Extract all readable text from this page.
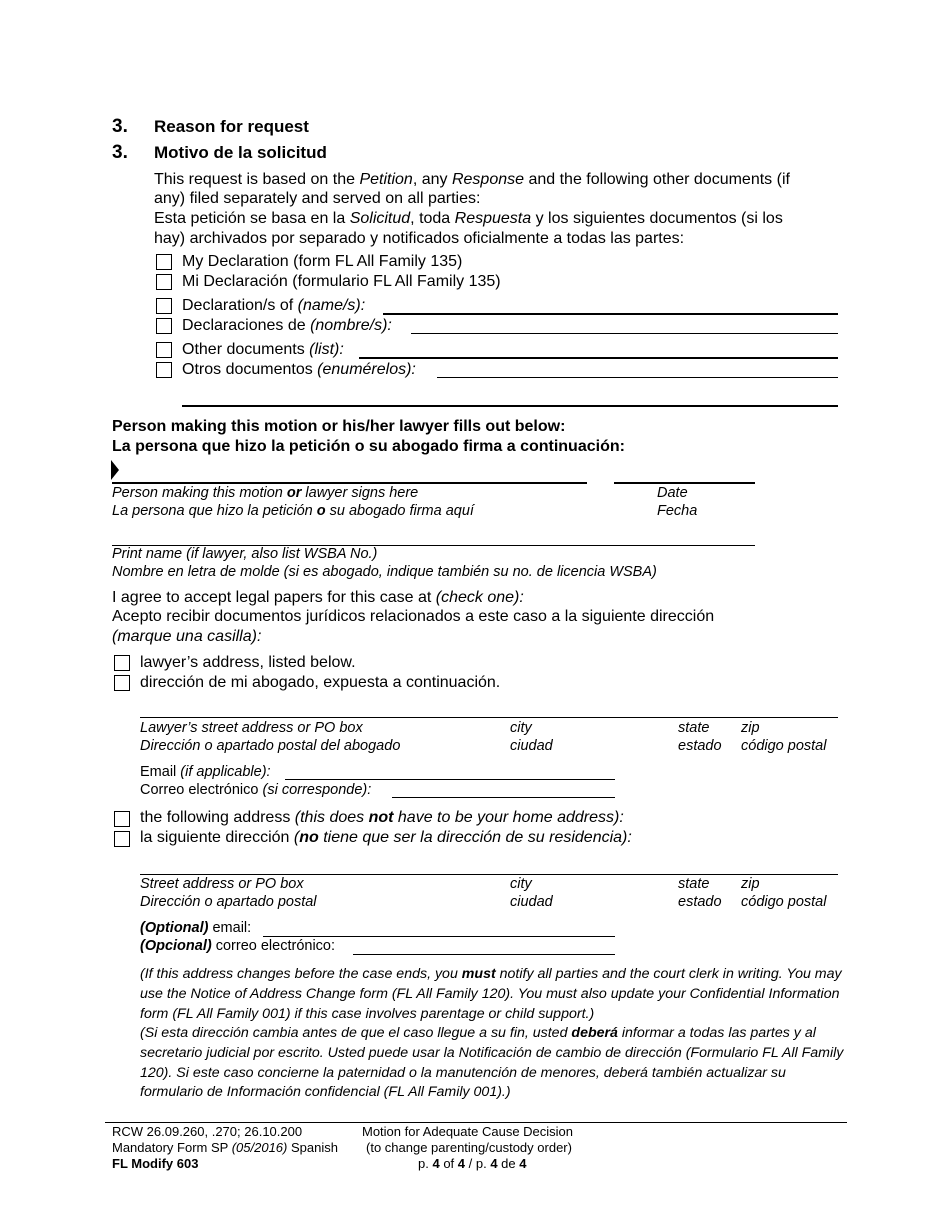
3. Reason for request
3. Motivo de la solicitud
This request is based on the Petition, any Response and the following other documents (if
any) filed separately and served on all parties:
Esta petición se basa en la Solicitud, toda Respuesta y los siguientes documentos (si los
hay) archivados por separado y notificados oficialmente a todas las partes:
My Declaration (form FL All Family 135)
Mi Declaración (formulario FL All Family 135)
Declaration/s of (name/s):
Declaraciones de (nombre/s):
Other documents (list):
Otros documentos (enumérelos):
Person making this motion or his/her lawyer fills out below:
La persona que hizo la petición o su abogado firma a continuación:
Person making this motion or lawyer signs here
La persona que hizo la petición o su abogado firma aquí
Date
Fecha
Print name (if lawyer, also list WSBA No.)
Nombre en letra de molde (si es abogado, indique también su no. de licencia WSBA)
I agree to accept legal papers for this case at (check one):
Acepto recibir documentos jurídicos relacionados a este caso a la siguiente dirección
(marque una casilla):
lawyer’s address, listed below.
dirección de mi abogado, expuesta a continuación.
Lawyer’s street address or PO box
Dirección o apartado postal del abogado
city
ciudad
state
estado
zip
código postal
Email (if applicable):
Correo electrónico (si corresponde):
the following address (this does not have to be your home address):
la siguiente dirección (no tiene que ser la dirección de su residencia):
Street address or PO box
Dirección o apartado postal
city
ciudad
state
estado
zip
código postal
(Optional) email:
(Opcional) correo electrónico:
(If this address changes before the case ends, you must notify all parties and the court clerk in writing. You may
use the Notice of Address Change form (FL All Family 120). You must also update your Confidential Information
form (FL All Family 001) if this case involves parentage or child support.)
(Si esta dirección cambia antes de que el caso llegue a su fin, usted deberá informar a todas las partes y al
secretario judicial por escrito. Usted puede usar la Notificación de cambio de dirección (Formulario FL All Family
120). Si este caso concierne la paternidad o la manutención de menores, deberá también actualizar su
formulario de Información confidencial (FL All Family 001).)
RCW 26.09.260, .270; 26.10.200
Mandatory Form SP (05/2016) Spanish
FL Modify 603
Motion for Adequate Cause Decision
(to change parenting/custody order)
p. 4 of 4 / p. 4 de 4
